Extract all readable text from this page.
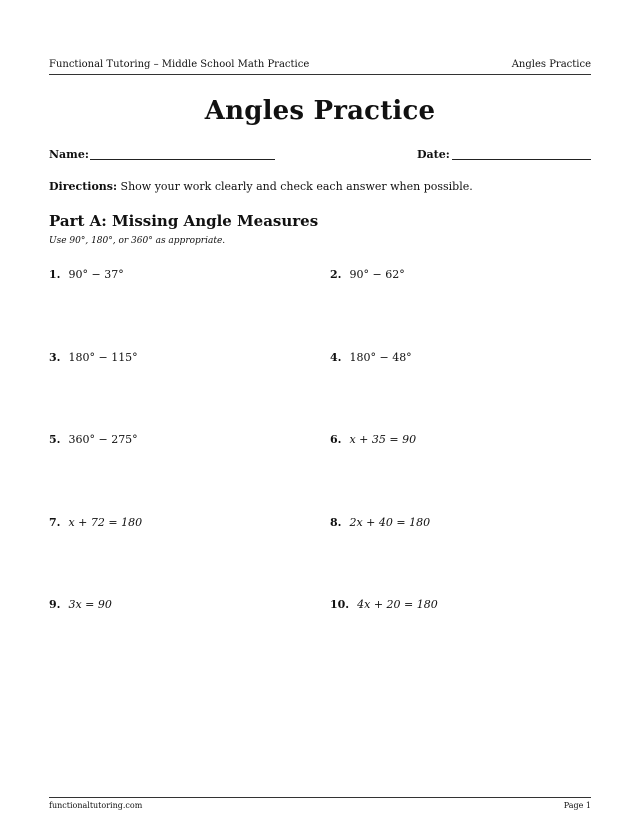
Functional Tutoring – Middle School Math Practice	Angles Practice
Angles Practice
Name:	Date:
Directions: Show your work clearly and check each answer when possible.
Part A: Missing Angle Measures
Use 90°, 180°, or 360° as appropriate.
1. 90° − 37°	2. 90° − 62°
3. 180° − 115°	4. 180° − 48°
5. 360° − 275°	6. x + 35 = 90
7. x + 72 = 180	8. 2x + 40 = 180
9. 3x = 90	10. 4x + 20 = 180
functionaltutoring.com	Page 1
